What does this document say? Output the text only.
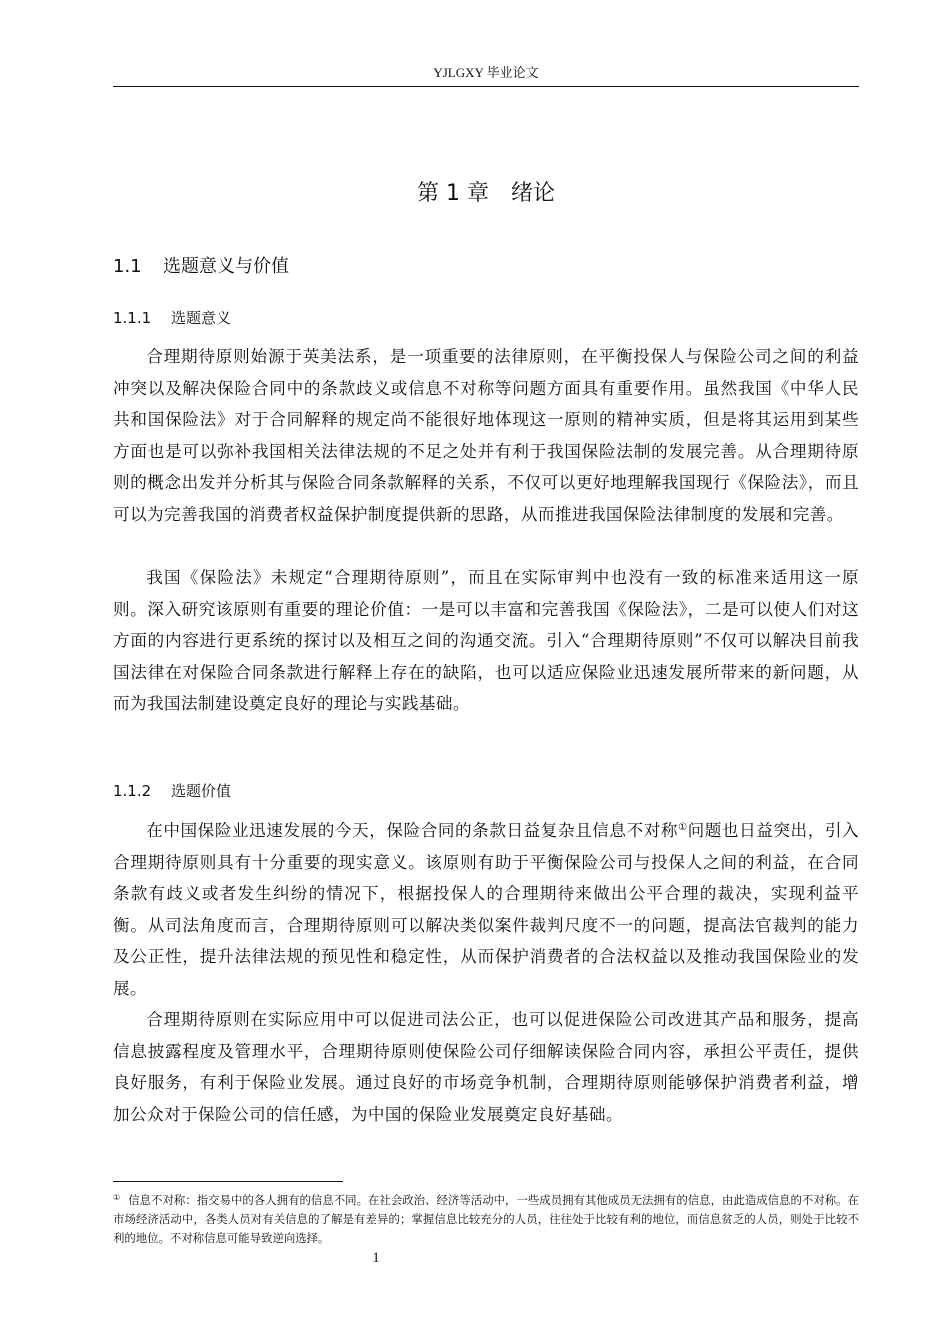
YJLGXY 毕业论文
第 1 章　绪论
1.1 选题意义与价值
1.1.1 选题意义

合理期待原则始源于英美法系，是一项重要的法律原则，在平衡投保人与保险公司之间的利益冲突以及解决保险合同中的条款歧义或信息不对称等问题方面具有重要作用。虽然我国《中华人民共和国保险法》对于合同解释的规定尚不能很好地体现这一原则的精神实质，但是将其运用到某些方面也是可以弥补我国相关法律法规的不足之处并有利于我国保险法制的发展完善。从合理期待原则的概念出发并分析其与保险合同条款解释的关系，不仅可以更好地理解我国现行《保险法》，而且可以为完善我国的消费者权益保护制度提供新的思路，从而推进我国保险法律制度的发展和完善。

我国《保险法》未规定“合理期待原则”，而且在实际审判中也没有一致的标准来适用这一原则。深入研究该原则有重要的理论价值：一是可以丰富和完善我国《保险法》，二是可以使人们对这方面的内容进行更系统的探讨以及相互之间的沟通交流。引入“合理期待原则”不仅可以解决目前我国法律在对保险合同条款进行解释上存在的缺陷，也可以适应保险业迅速发展所带来的新问题，从而为我国法制建设奠定良好的理论与实践基础。

1.1.2 选题价值

在中国保险业迅速发展的今天，保险合同的条款日益复杂且信息不对称①问题也日益突出，引入合理期待原则具有十分重要的现实意义。该原则有助于平衡保险公司与投保人之间的利益，在合同条款有歧义或者发生纠纷的情况下，根据投保人的合理期待来做出公平合理的裁决，实现利益平衡。从司法角度而言，合理期待原则可以解决类似案件裁判尺度不一的问题，提高法官裁判的能力及公正性，提升法律法规的预见性和稳定性，从而保护消费者的合法权益以及推动我国保险业的发展。

合理期待原则在实际应用中可以促进司法公正，也可以促进保险公司改进其产品和服务，提高信息披露程度及管理水平，合理期待原则使保险公司仔细解读保险合同内容，承担公平责任，提供良好服务，有利于保险业发展。通过良好的市场竞争机制，合理期待原则能够保护消费者利益，增加公众对于保险公司的信任感，为中国的保险业发展奠定良好基础。

① 信息不对称：指交易中的各人拥有的信息不同。在社会政治、经济等活动中，一些成员拥有其他成员无法拥有的信息，由此造成信息的不对称。在市场经济活动中，各类人员对有关信息的了解是有差异的；掌握信息比较充分的人员，往往处于比较有利的地位，而信息贫乏的人员，则处于比较不利的地位。不对称信息可能导致逆向选择。

1
